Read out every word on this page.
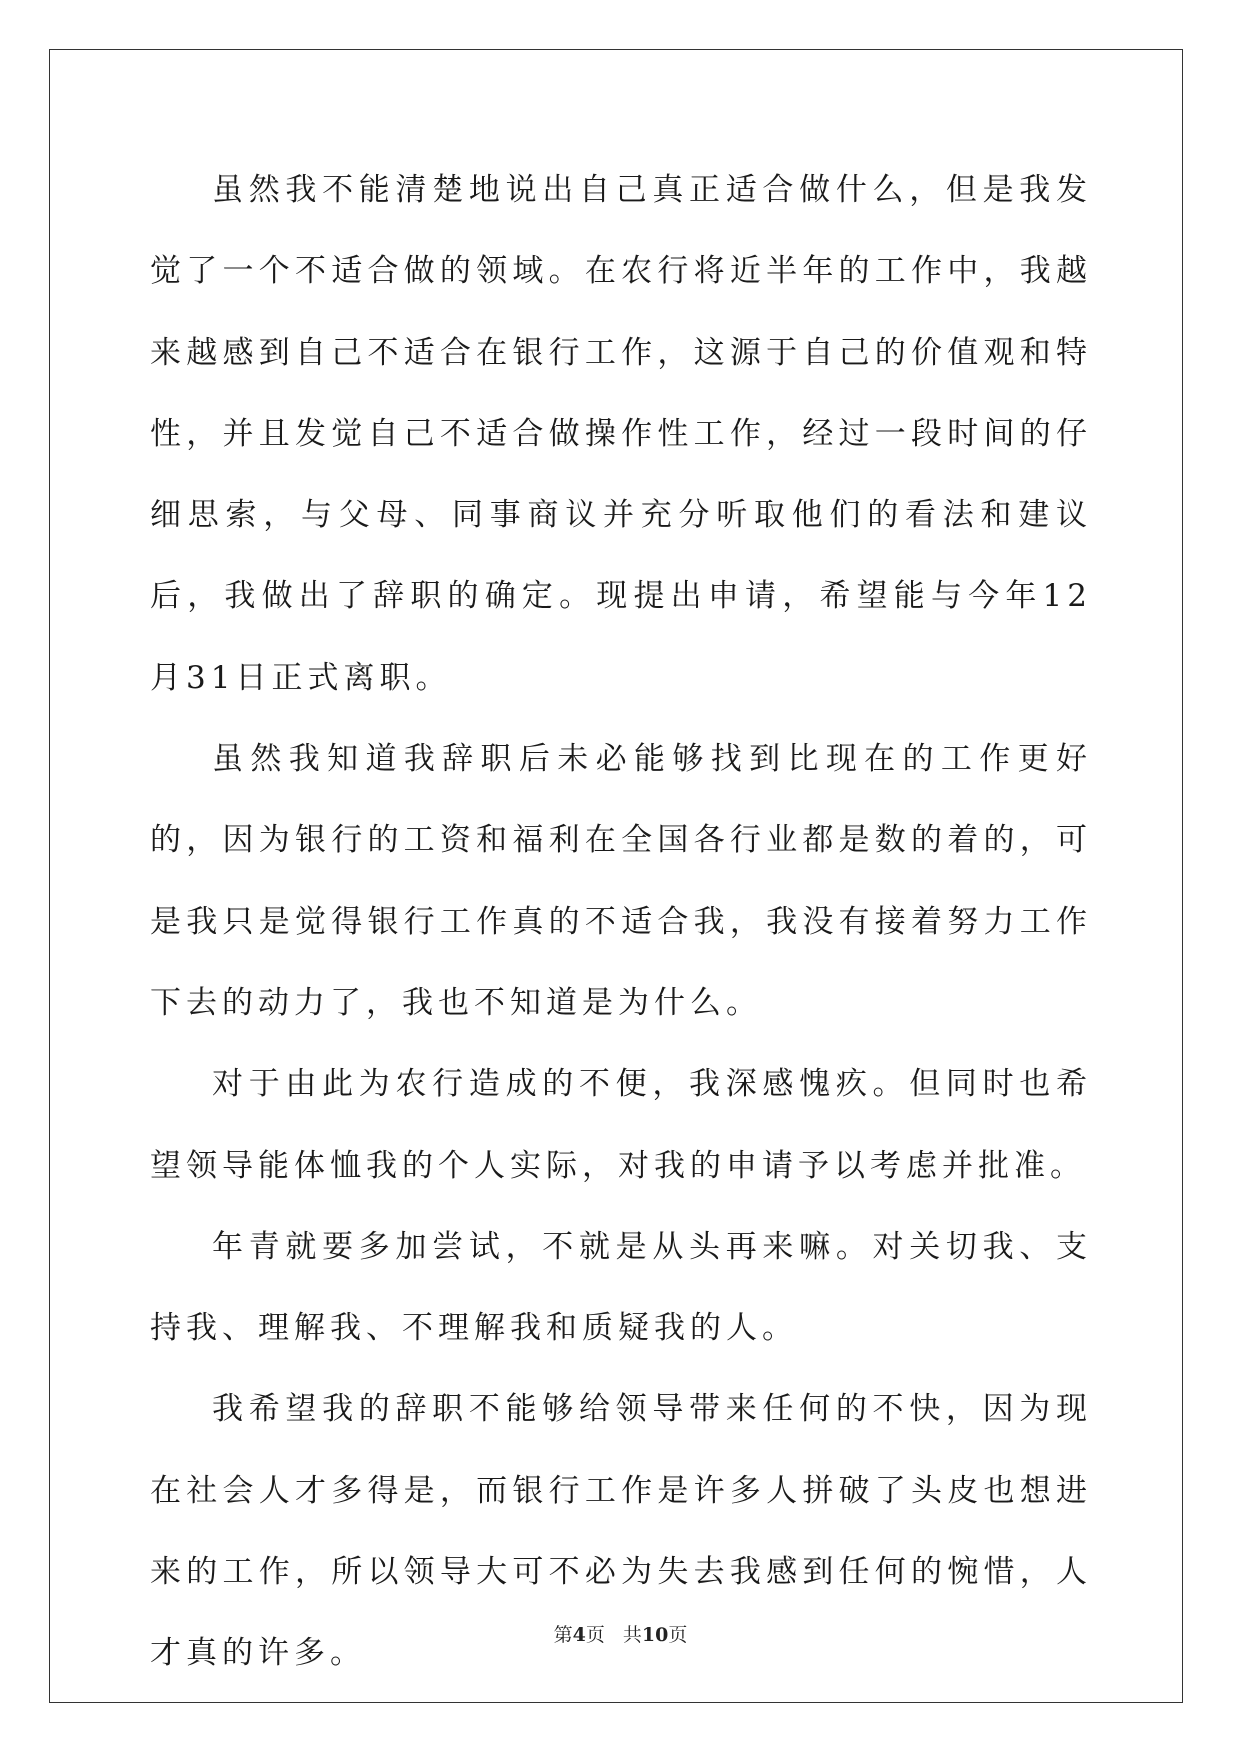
虽然我不能清楚地说出自己真正适合做什么，但是我发觉了一个不适合做的领域。在农行将近半年的工作中，我越来越感到自己不适合在银行工作，这源于自己的价值观和特性，并且发觉自己不适合做操作性工作，经过一段时间的仔细思索，与父母、同事商议并充分听取他们的看法和建议后，我做出了辞职的确定。现提出申请，希望能与今年12月31日正式离职。

虽然我知道我辞职后未必能够找到比现在的工作更好的，因为银行的工资和福利在全国各行业都是数的着的，可是我只是觉得银行工作真的不适合我，我没有接着努力工作下去的动力了，我也不知道是为什么。

对于由此为农行造成的不便，我深感愧疚。但同时也希望领导能体恤我的个人实际，对我的申请予以考虑并批准。

年青就要多加尝试，不就是从头再来嘛。对关切我、支持我、理解我、不理解我和质疑我的人。

我希望我的辞职不能够给领导带来任何的不快，因为现在社会人才多得是，而银行工作是许多人拼破了头皮也想进来的工作，所以领导大可不必为失去我感到任何的惋惜，人才真的许多。

第4页 共10页
